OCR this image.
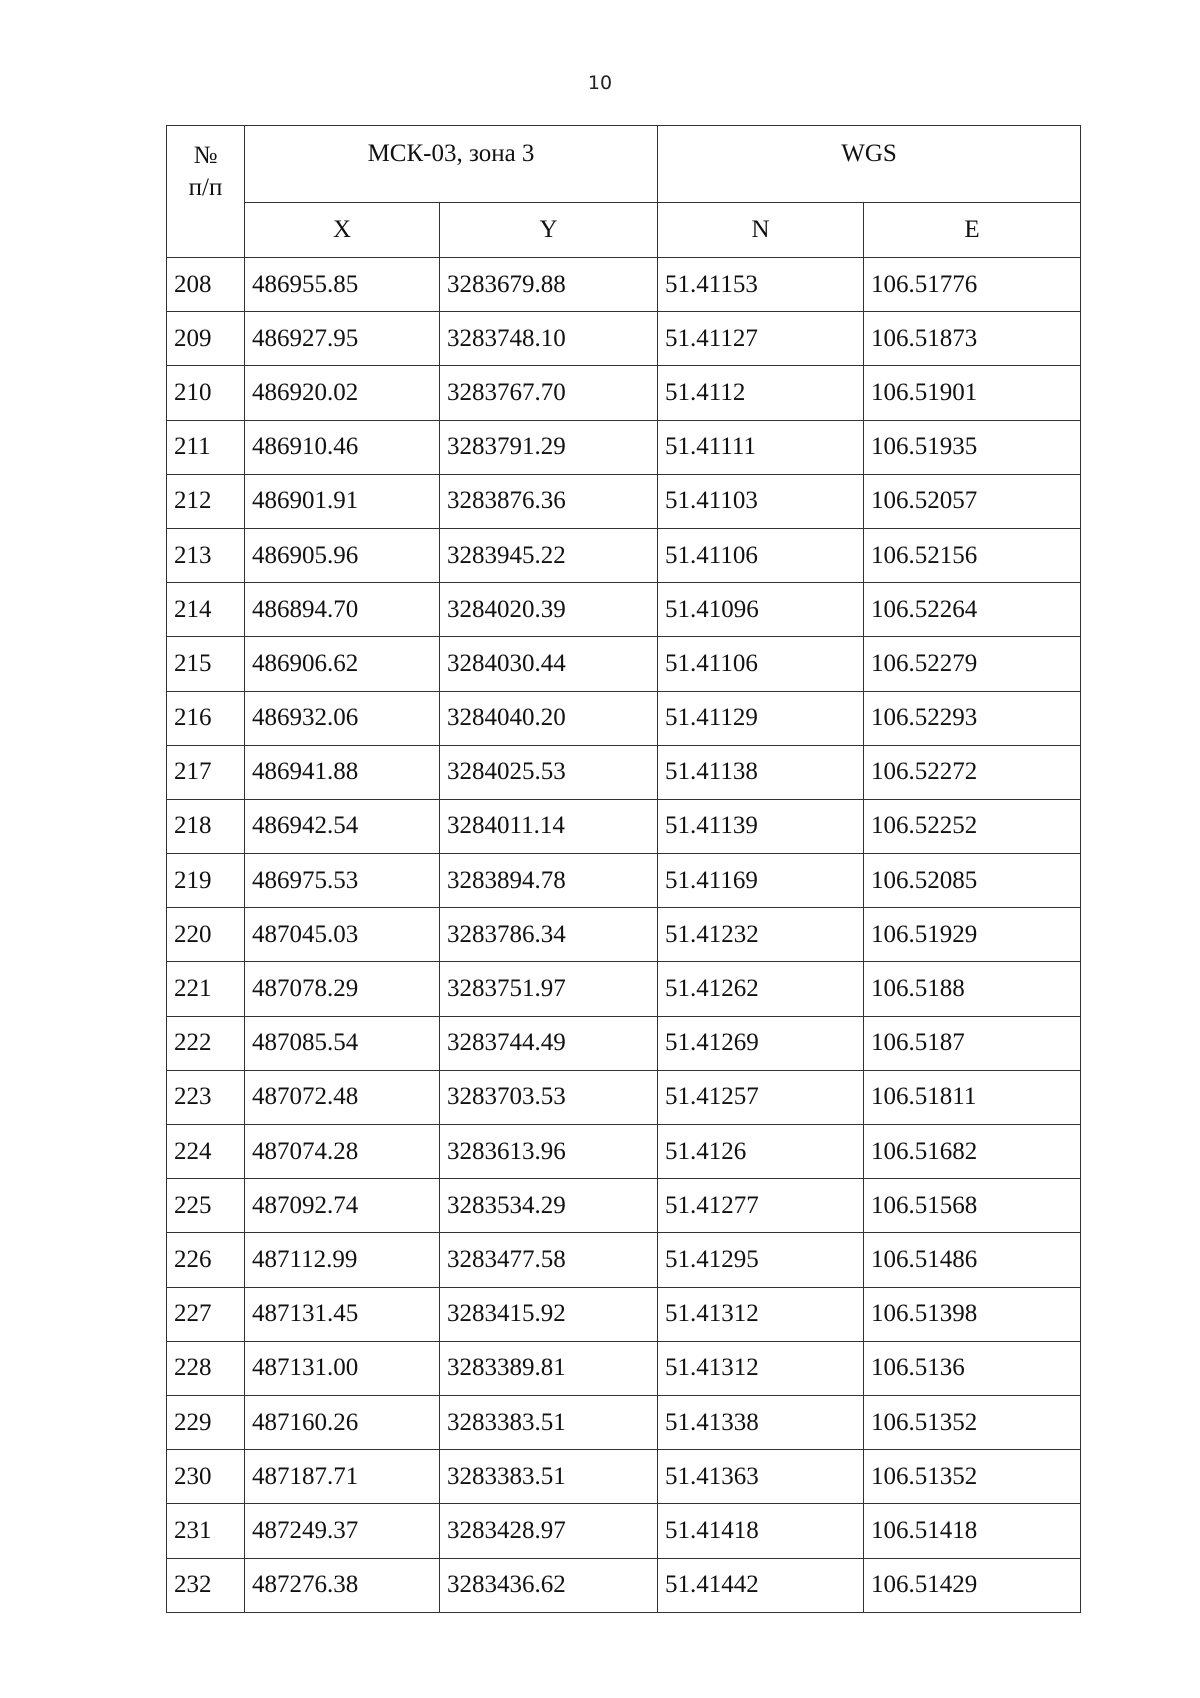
10
№
п/п	МСК-03, зона 3		WGS	
	X	Y	N	E
208	486955.85	3283679.88	51.41153	106.51776
209	486927.95	3283748.10	51.41127	106.51873
210	486920.02	3283767.70	51.4112	106.51901
211	486910.46	3283791.29	51.41111	106.51935
212	486901.91	3283876.36	51.41103	106.52057
213	486905.96	3283945.22	51.41106	106.52156
214	486894.70	3284020.39	51.41096	106.52264
215	486906.62	3284030.44	51.41106	106.52279
216	486932.06	3284040.20	51.41129	106.52293
217	486941.88	3284025.53	51.41138	106.52272
218	486942.54	3284011.14	51.41139	106.52252
219	486975.53	3283894.78	51.41169	106.52085
220	487045.03	3283786.34	51.41232	106.51929
221	487078.29	3283751.97	51.41262	106.5188
222	487085.54	3283744.49	51.41269	106.5187
223	487072.48	3283703.53	51.41257	106.51811
224	487074.28	3283613.96	51.4126	106.51682
225	487092.74	3283534.29	51.41277	106.51568
226	487112.99	3283477.58	51.41295	106.51486
227	487131.45	3283415.92	51.41312	106.51398
228	487131.00	3283389.81	51.41312	106.5136
229	487160.26	3283383.51	51.41338	106.51352
230	487187.71	3283383.51	51.41363	106.51352
231	487249.37	3283428.97	51.41418	106.51418
232	487276.38	3283436.62	51.41442	106.51429
